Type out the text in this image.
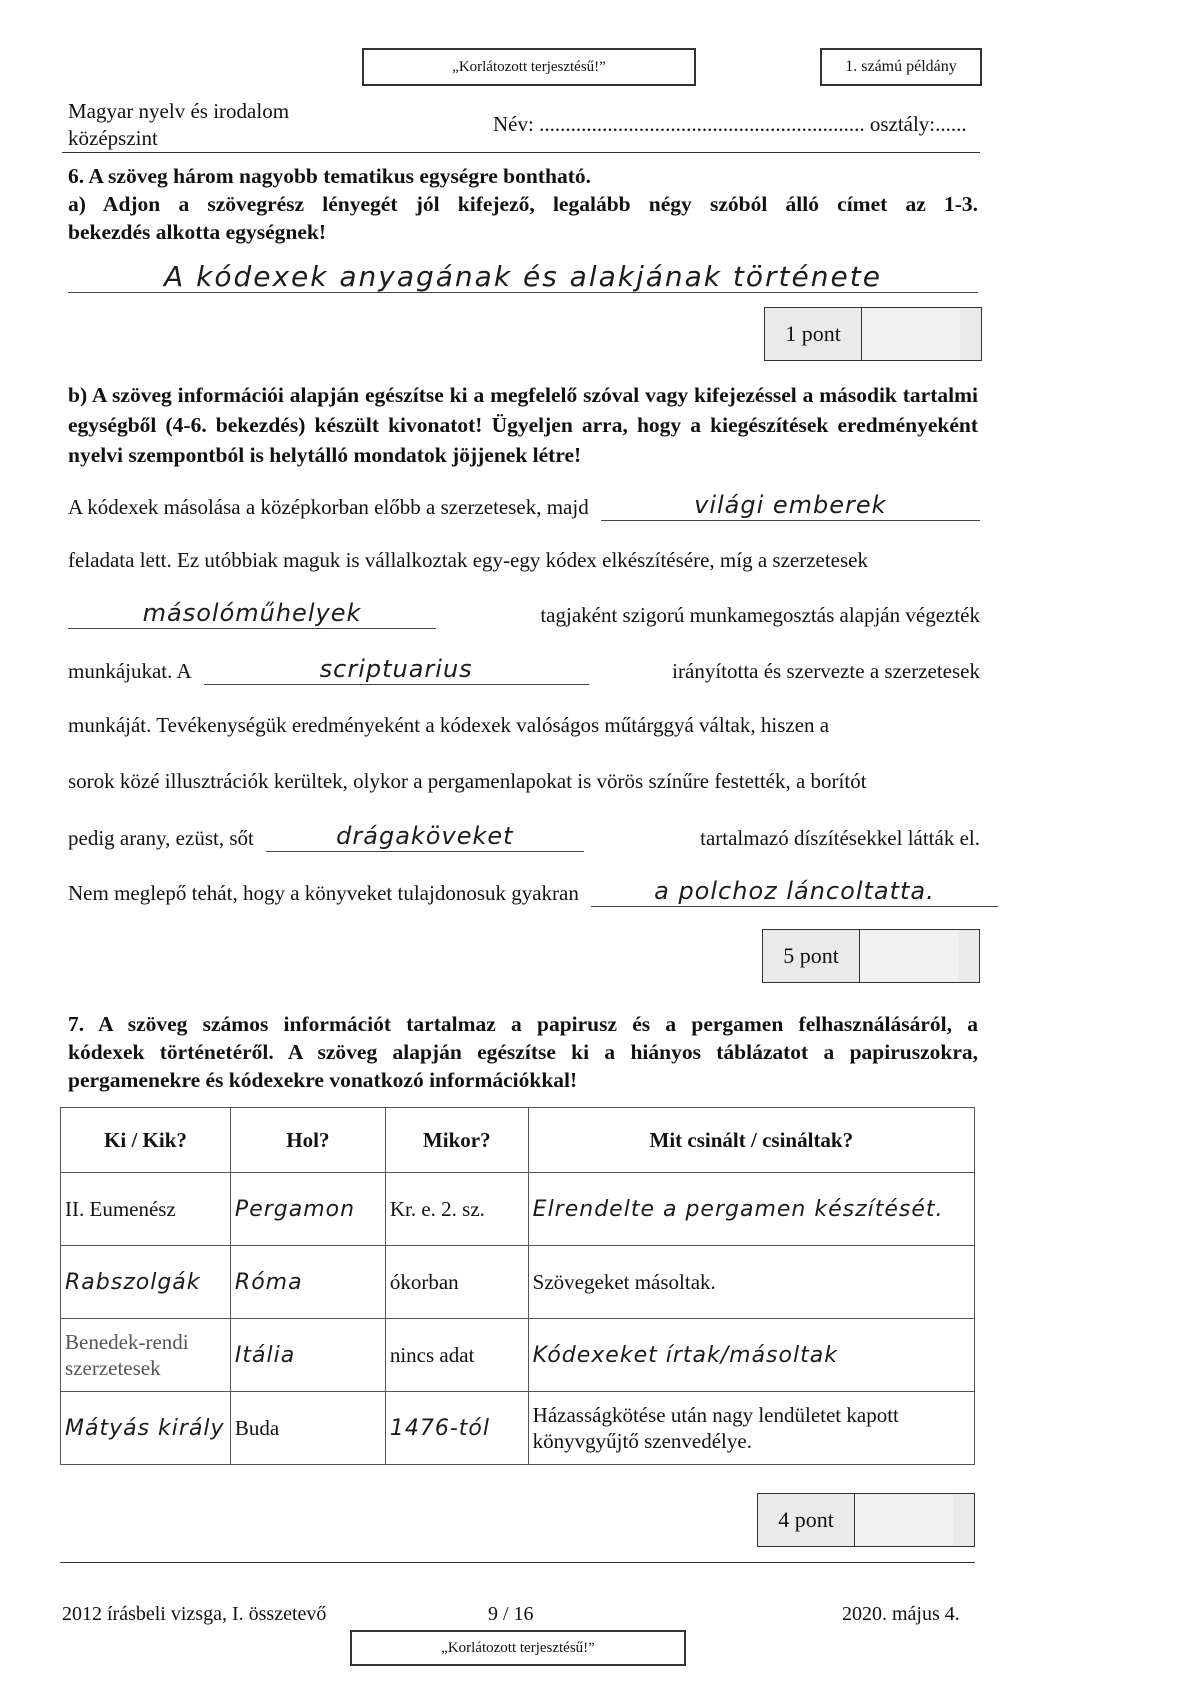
„Korlátozott terjesztésű!”	1. számú példány
Magyar nyelv és irodalom
középszint
Név: .............................................................. osztály:......
6. A szöveg három nagyobb tematikus egységre bontható.
a) Adjon a szövegrész lényegét jól kifejező, legalább négy szóból álló címet az 1-3.
bekezdés alkotta egységnek!
A kódexek anyagának és alakjának története
1 pont
b) A szöveg információi alapján egészítse ki a megfelelő szóval vagy kifejezéssel a második tartalmi egységből (4-6. bekezdés) készült kivonatot! Ügyeljen arra, hogy a kiegészítések eredményeként nyelvi szempontból is helytálló mondatok jöjjenek létre!
A kódexek másolása a középkorban előbb a szerzetesek, majd	világi emberek
feladata lett. Ez utóbbiak maguk is vállalkoztak egy-egy kódex elkészítésére, míg a szerzetesek
másolóműhelyek	tagjaként szigorú munkamegosztás alapján végezték
munkájukat. A	scriptuarius	irányította és szervezte a szerzetesek
munkáját. Tevékenységük eredményeként a kódexek valóságos műtárggyá váltak, hiszen a
sorok közé illusztrációk kerültek, olykor a pergamenlapokat is vörös színűre festették, a borítót
pedig arany, ezüst, sőt	drágaköveket	tartalmazó díszítésekkel látták el.
Nem meglepő tehát, hogy a könyveket tulajdonosuk gyakran	a polchoz láncoltatta.
5 pont
7. A szöveg számos információt tartalmaz a papirusz és a pergamen felhasználásáról, a
kódexek történetéről. A szöveg alapján egészítse ki a hiányos táblázatot a papiruszokra,
pergamenekre és kódexekre vonatkozó információkkal!
Ki / Kik?	Hol?	Mikor?	Mit csinált / csináltak?
II. Eumenész	Pergamon	Kr. e. 2. sz.	Elrendelte a pergamen készítését.
Rabszolgák	Róma	ókorban	Szövegeket másoltak.
Benedek-rendi szerzetesek	Itália	nincs adat	Kódexeket írtak/másoltak
Mátyás király	Buda	1476-tól	Házasságkötése után nagy lendületet kapott könyvgyűjtő szenvedélye.
4 pont
2012 írásbeli vizsga, I. összetevő	9 / 16	2020. május 4.
„Korlátozott terjesztésű!”
